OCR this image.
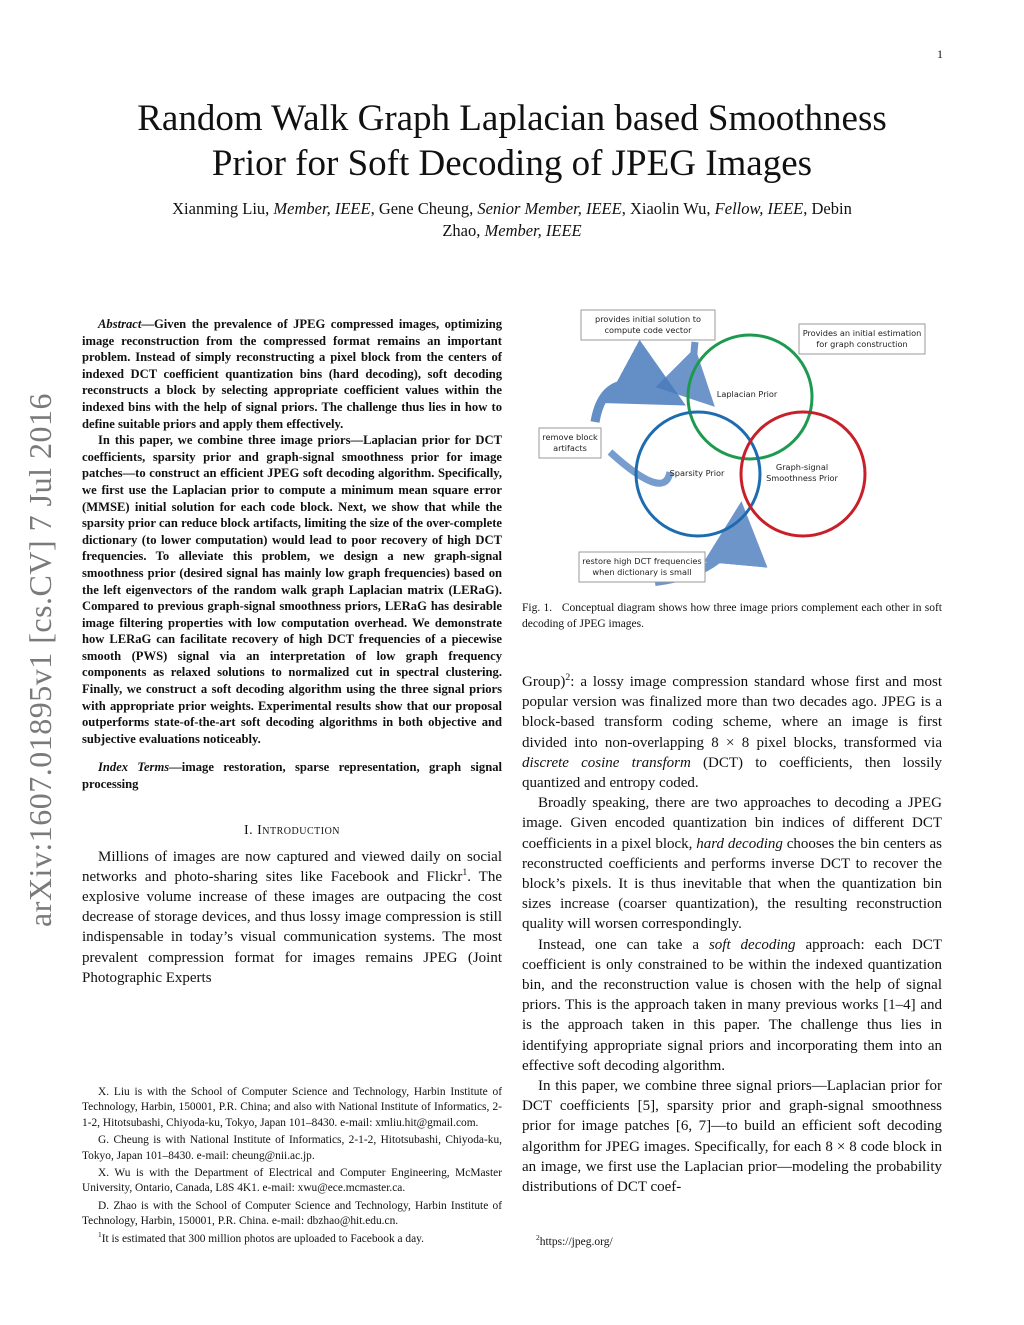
1
Random Walk Graph Laplacian based Smoothness
Prior for Soft Decoding of JPEG Images
Xianming Liu, Member, IEEE, Gene Cheung, Senior Member, IEEE, Xiaolin Wu, Fellow, IEEE, Debin
Zhao, Member, IEEE
arXiv:1607.01895v1 [cs.CV] 7 Jul 2016

Abstract—Given the prevalence of JPEG compressed images, optimizing image reconstruction from the compressed format remains an important problem. Instead of simply reconstructing a pixel block from the centers of indexed DCT coefficient quantization bins (hard decoding), soft decoding reconstructs a block by selecting appropriate coefficient values within the indexed bins with the help of signal priors. The challenge thus lies in how to define suitable priors and apply them effectively.

In this paper, we combine three image priors—Laplacian prior for DCT coefficients, sparsity prior and graph-signal smoothness prior for image patches—to construct an efficient JPEG soft decoding algorithm. Specifically, we first use the Laplacian prior to compute a minimum mean square error (MMSE) initial solution for each code block. Next, we show that while the sparsity prior can reduce block artifacts, limiting the size of the over-complete dictionary (to lower computation) would lead to poor recovery of high DCT frequencies. To alleviate this problem, we design a new graph-signal smoothness prior (desired signal has mainly low graph frequencies) based on the left eigenvectors of the random walk graph Laplacian matrix (LERaG). Compared to previous graph-signal smoothness priors, LERaG has desirable image filtering properties with low computation overhead. We demonstrate how LERaG can facilitate recovery of high DCT frequencies of a piecewise smooth (PWS) signal via an interpretation of low graph frequency components as relaxed solutions to normalized cut in spectral clustering. Finally, we construct a soft decoding algorithm using the three signal priors with appropriate prior weights. Experimental results show that our proposal outperforms state-of-the-art soft decoding algorithms in both objective and subjective evaluations noticeably.

Index Terms—image restoration, sparse representation, graph signal processing
I. Introduction

Millions of images are now captured and viewed daily on social networks and photo-sharing sites like Facebook and Flickr$^1$. The explosive volume increase of these images are outpacing the cost decrease of storage devices, and thus lossy image compression is still indispensable in today’s visual communication systems. The most prevalent compression format for images remains JPEG (Joint Photographic Experts

X. Liu is with the School of Computer Science and Technology, Harbin Institute of Technology, Harbin, 150001, P.R. China; and also with National Institute of Informatics, 2-1-2, Hitotsubashi, Chiyoda-ku, Tokyo, Japan 101–8430. e-mail: xmliu.hit@gmail.com.

G. Cheung is with National Institute of Informatics, 2-1-2, Hitotsubashi, Chiyoda-ku, Tokyo, Japan 101–8430. e-mail: cheung@nii.ac.jp.

X. Wu is with the Department of Electrical and Computer Engineering, McMaster University, Ontario, Canada, L8S 4K1. e-mail: xwu@ece.mcmaster.ca.

D. Zhao is with the School of Computer Science and Technology, Harbin Institute of Technology, Harbin, 150001, P.R. China. e-mail: dbzhao@hit.edu.cn.

$^1$It is estimated that 300 million photos are uploaded to Facebook a day.

Laplacian Prior
Sparsity Prior
Graph-signal
Smoothness Prior
provides initial solution to
compute code vector	Provides an initial estimation
for graph construction
remove block
artifacts
restore high DCT frequencies
when dictionary is small
Fig. 1. Conceptual diagram shows how three image priors complement each other in soft decoding of JPEG images.

Group)$^2$: a lossy image compression standard whose first and most popular version was finalized more than two decades ago. JPEG is a block-based transform coding scheme, where an image is first divided into non-overlapping 8 × 8 pixel blocks, transformed via discrete cosine transform (DCT) to coefficients, then lossily quantized and entropy coded.

Broadly speaking, there are two approaches to decoding a JPEG image. Given encoded quantization bin indices of different DCT coefficients in a pixel block, hard decoding chooses the bin centers as reconstructed coefficients and performs inverse DCT to recover the block’s pixels. It is thus inevitable that when the quantization bin sizes increase (coarser quantization), the resulting reconstruction quality will worsen correspondingly.

Instead, one can take a soft decoding approach: each DCT coefficient is only constrained to be within the indexed quantization bin, and the reconstruction value is chosen with the help of signal priors. This is the approach taken in many previous works [1–4] and is the approach taken in this paper. The challenge thus lies in identifying appropriate signal priors and incorporating them into an effective soft decoding algorithm.

In this paper, we combine three signal priors—Laplacian prior for DCT coefficients [5], sparsity prior and graph-signal smoothness prior for image patches [6, 7]—to build an efficient soft decoding algorithm for JPEG images. Specifically, for each 8 × 8 code block in an image, we first use the Laplacian prior—modeling the probability distributions of DCT coef-

$^2$https://jpeg.org/
